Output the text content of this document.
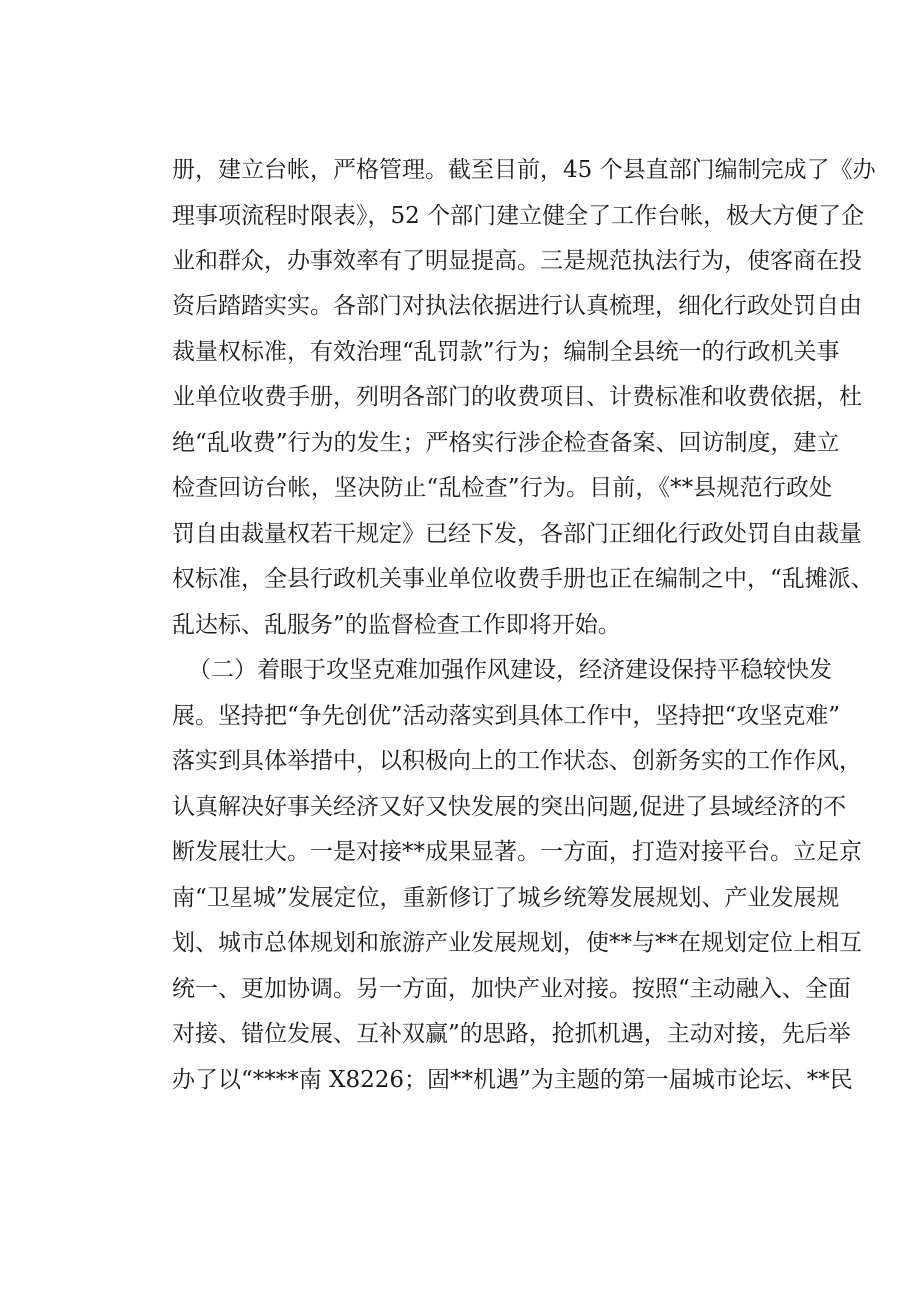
册，建立台帐，严格管理。截至目前，45 个县直部门编制完成了《办
理事项流程时限表》，52 个部门建立健全了工作台帐，极大方便了企
业和群众，办事效率有了明显提高。三是规范执法行为，使客商在投
资后踏踏实实。各部门对执法依据进行认真梳理，细化行政处罚自由
裁量权标准，有效治理“乱罚款”行为；编制全县统一的行政机关事
业单位收费手册，列明各部门的收费项目、计费标准和收费依据，杜
绝“乱收费”行为的发生；严格实行涉企检查备案、回访制度，建立
检查回访台帐，坚决防止“乱检查”行为。目前，《**县规范行政处
罚自由裁量权若干规定》已经下发，各部门正细化行政处罚自由裁量
权标准，全县行政机关事业单位收费手册也正在编制之中，“乱摊派、
乱达标、乱服务”的监督检查工作即将开始。
（二）着眼于攻坚克难加强作风建设，经济建设保持平稳较快发
展。坚持把“争先创优”活动落实到具体工作中，坚持把“攻坚克难”
落实到具体举措中，以积极向上的工作状态、创新务实的工作作风，
认真解决好事关经济又好又快发展的突出问题,促进了县域经济的不
断发展壮大。一是对接**成果显著。一方面，打造对接平台。立足京
南“卫星城”发展定位，重新修订了城乡统筹发展规划、产业发展规
划、城市总体规划和旅游产业发展规划，使**与**在规划定位上相互
统一、更加协调。另一方面，加快产业对接。按照“主动融入、全面
对接、错位发展、互补双赢”的思路，抢抓机遇，主动对接，先后举
办了以“****南 X8226；固**机遇”为主题的第一届城市论坛、**民
